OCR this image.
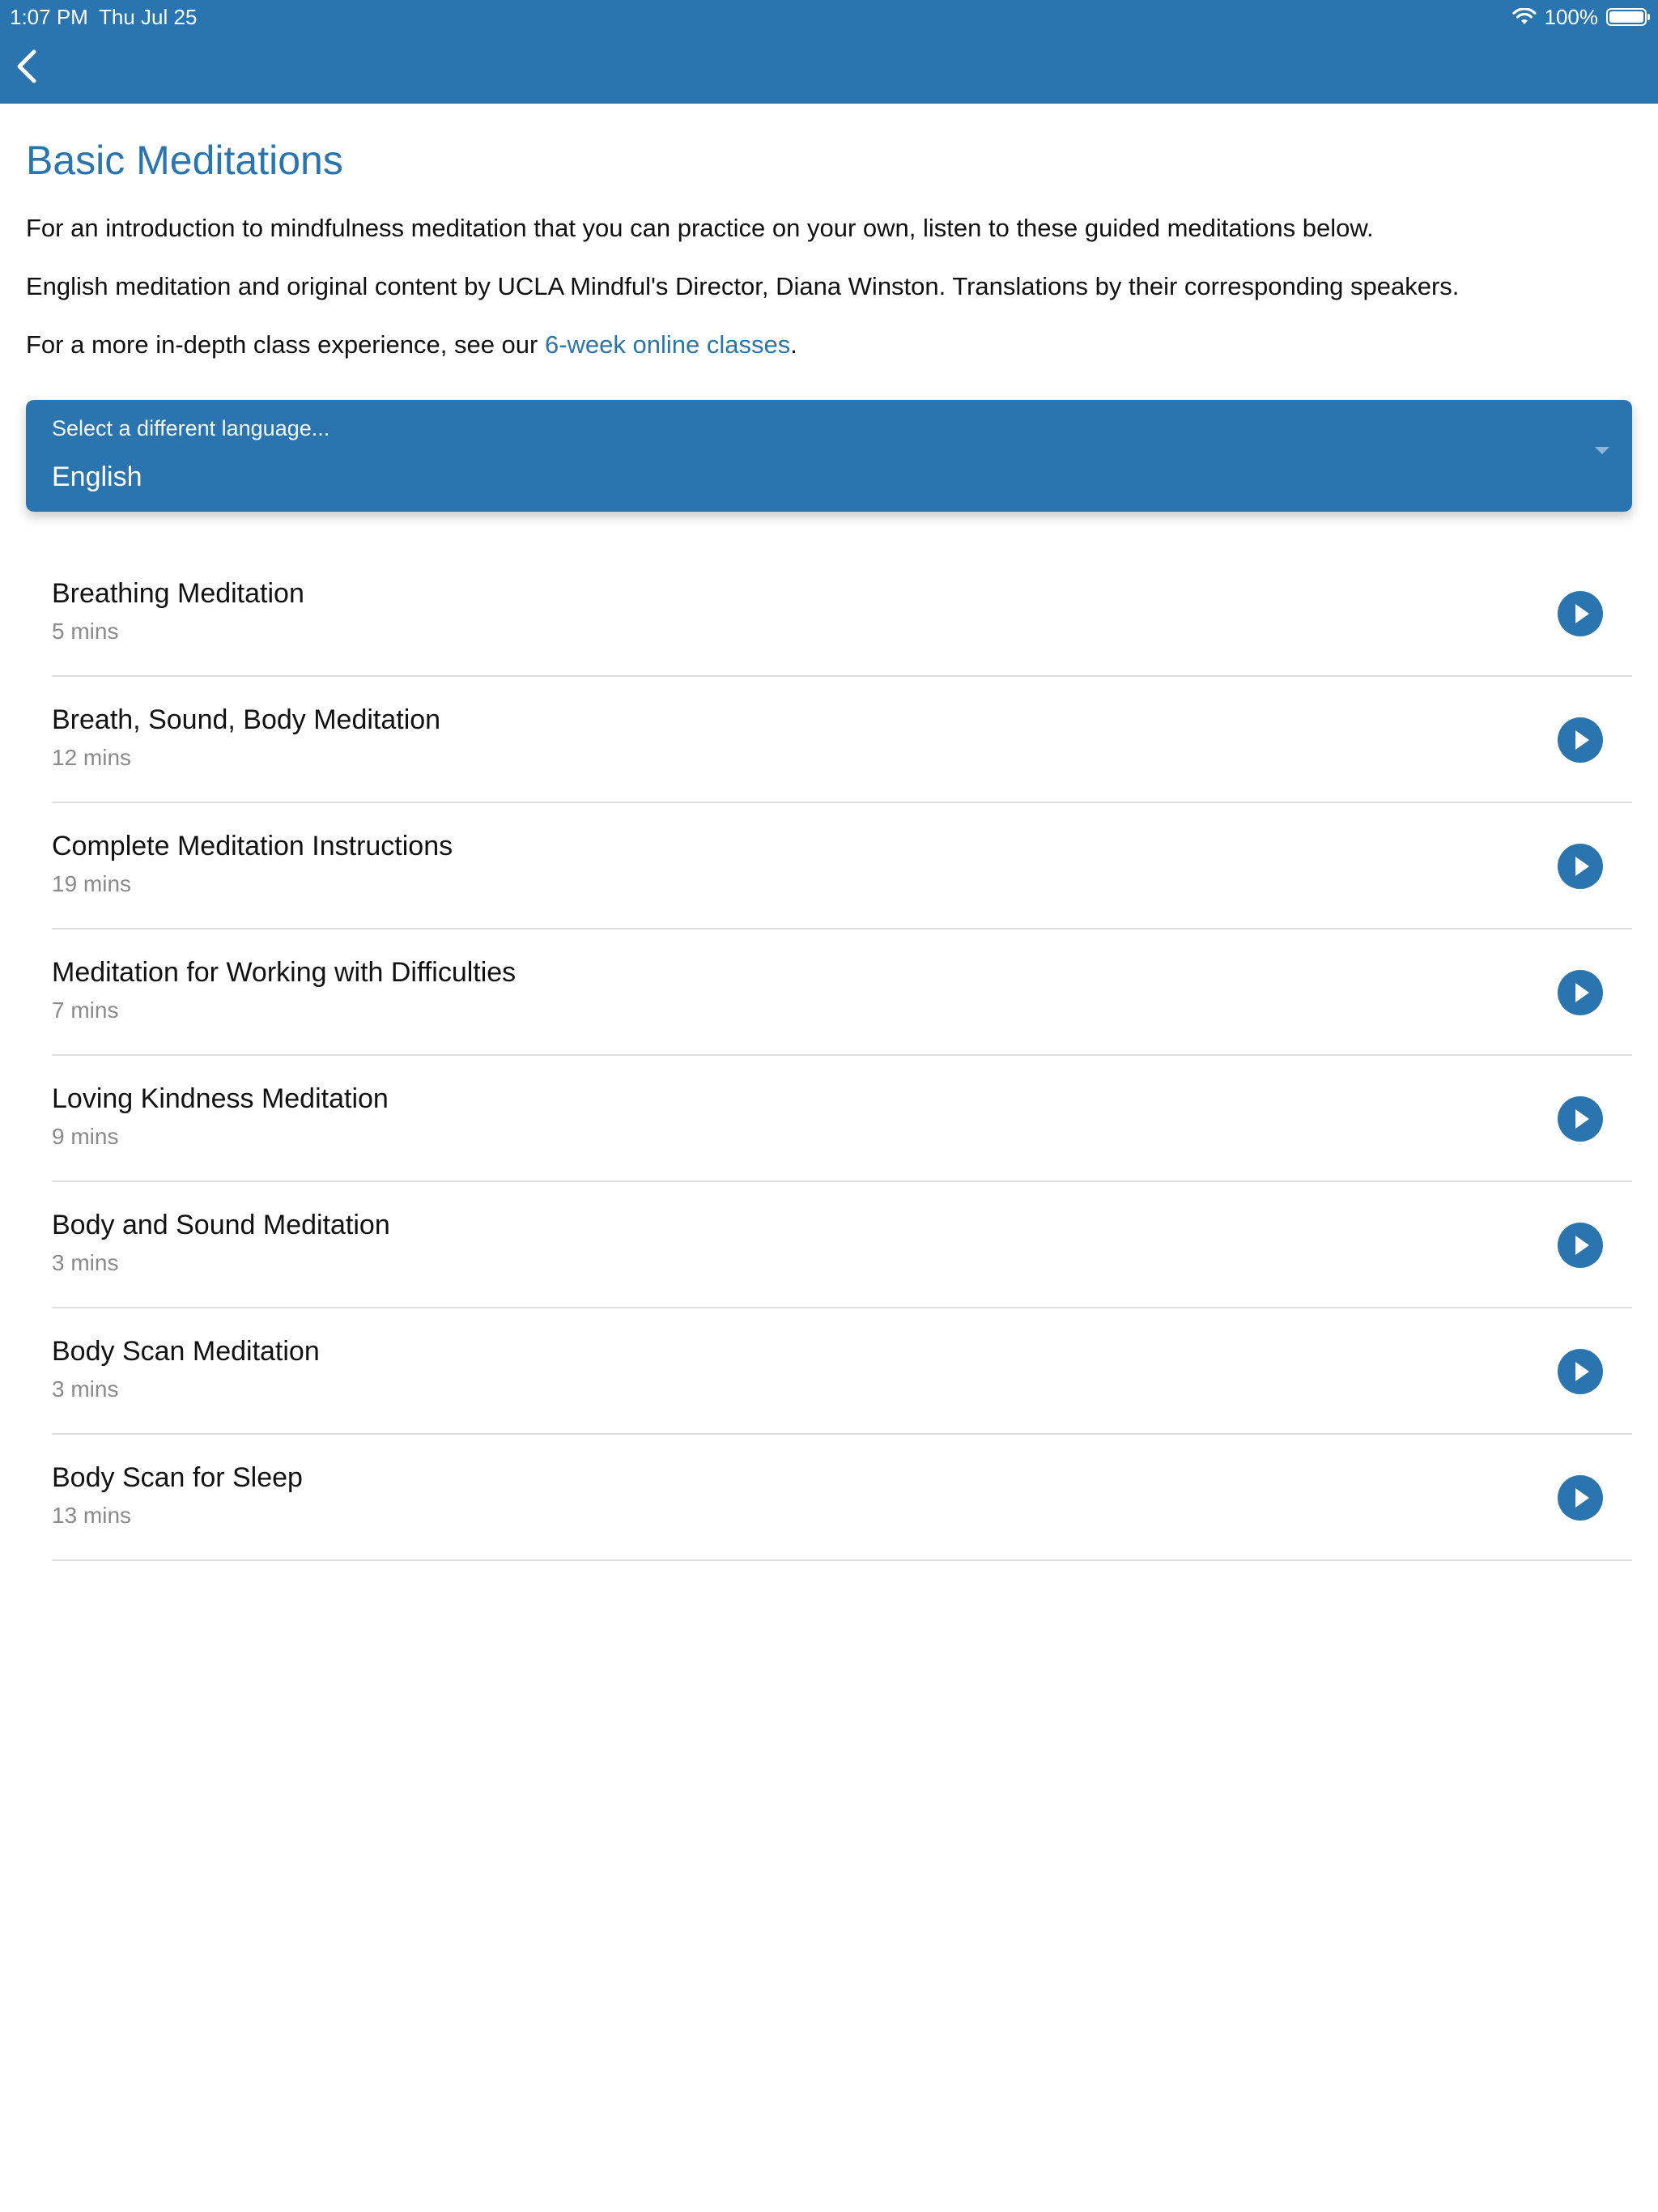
1:07 PM Thu Jul 25	100%
Basic Meditations

For an introduction to mindfulness meditation that you can practice on your own, listen to these guided meditations below.

English meditation and original content by UCLA Mindful's Director, Diana Winston. Translations by their corresponding speakers.

For a more in-depth class experience, see our 6-week online classes.

Select a different language...
English
Breathing Meditation
5 mins
Breath, Sound, Body Meditation
12 mins
Complete Meditation Instructions
19 mins
Meditation for Working with Difficulties
7 mins
Loving Kindness Meditation
9 mins
Body and Sound Meditation
3 mins
Body Scan Meditation
3 mins
Body Scan for Sleep
13 mins
